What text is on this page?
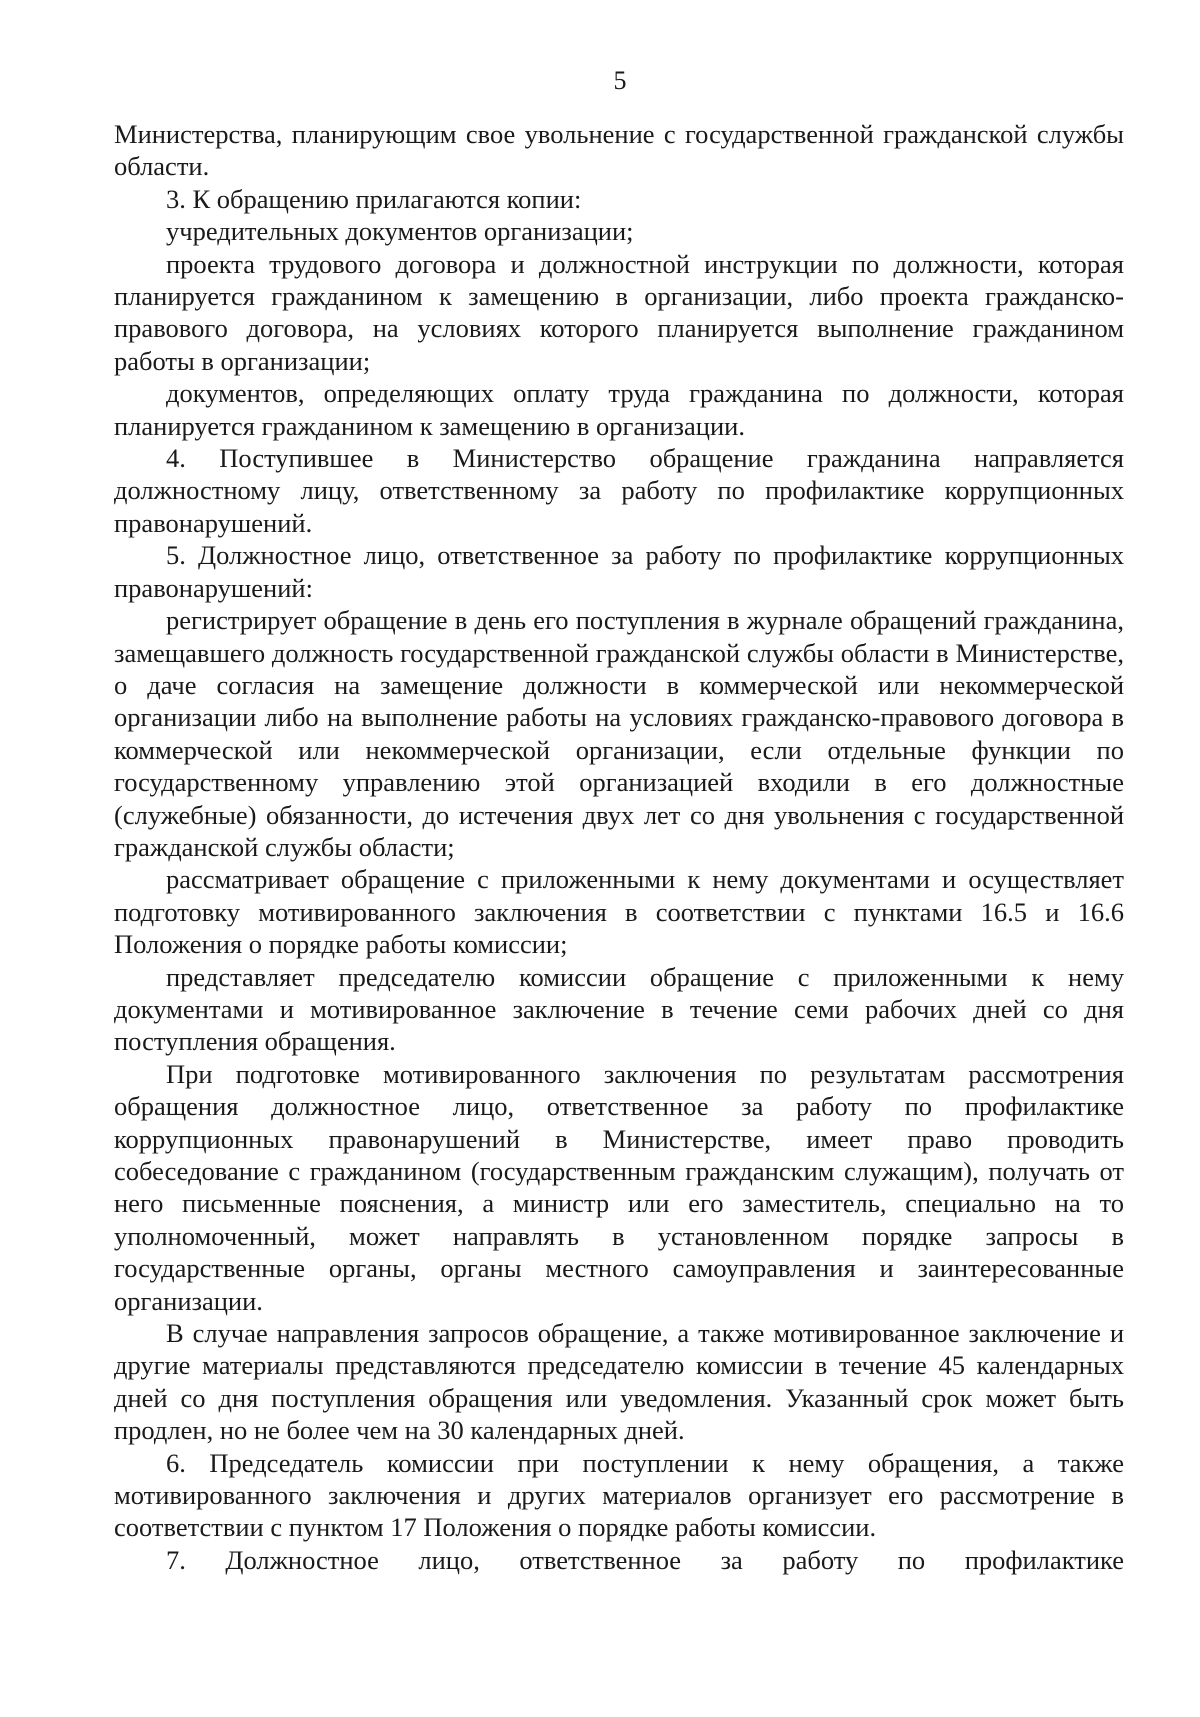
5

Министерства, планирующим свое увольнение с государственной гражданской службы области.

3. К обращению прилагаются копии:

учредительных документов организации;

проекта трудового договора и должностной инструкции по должности, которая планируется гражданином к замещению в организации, либо проекта гражданско-правового договора, на условиях которого планируется выполнение гражданином работы в организации;

документов, определяющих оплату труда гражданина по должности, которая планируется гражданином к замещению в организации.

4. Поступившее в Министерство обращение гражданина направляется должностному лицу, ответственному за работу по профилактике коррупционных правонарушений.

5. Должностное лицо, ответственное за работу по профилактике коррупционных правонарушений:

регистрирует обращение в день его поступления в журнале обращений гражданина, замещавшего должность государственной гражданской службы области в Министерстве, о даче согласия на замещение должности в коммерческой или некоммерческой организации либо на выполнение работы на условиях гражданско-правового договора в коммерческой или некоммерческой организации, если отдельные функции по государственному управлению этой организацией входили в его должностные (служебные) обязанности, до истечения двух лет со дня увольнения с государственной гражданской службы области;

рассматривает обращение с приложенными к нему документами и осуществляет подготовку мотивированного заключения в соответствии с пунктами 16.5 и 16.6 Положения о порядке работы комиссии;

представляет председателю комиссии обращение с приложенными к нему документами и мотивированное заключение в течение семи рабочих дней со дня поступления обращения.

При подготовке мотивированного заключения по результатам рассмотрения обращения должностное лицо, ответственное за работу по профилактике коррупционных правонарушений в Министерстве, имеет право проводить собеседование с гражданином (государственным гражданским служащим), получать от него письменные пояснения, а министр или его заместитель, специально на то уполномоченный, может направлять в установленном порядке запросы в государственные органы, органы местного самоуправления и заинтересованные организации.

В случае направления запросов обращение, а также мотивированное заключение и другие материалы представляются председателю комиссии в течение 45 календарных дней со дня поступления обращения или уведомления. Указанный срок может быть продлен, но не более чем на 30 календарных дней.

6. Председатель комиссии при поступлении к нему обращения, а также мотивированного заключения и других материалов организует его рассмотрение в соответствии с пунктом 17 Положения о порядке работы комиссии.

7. Должностное лицо, ответственное за работу по профилактике
